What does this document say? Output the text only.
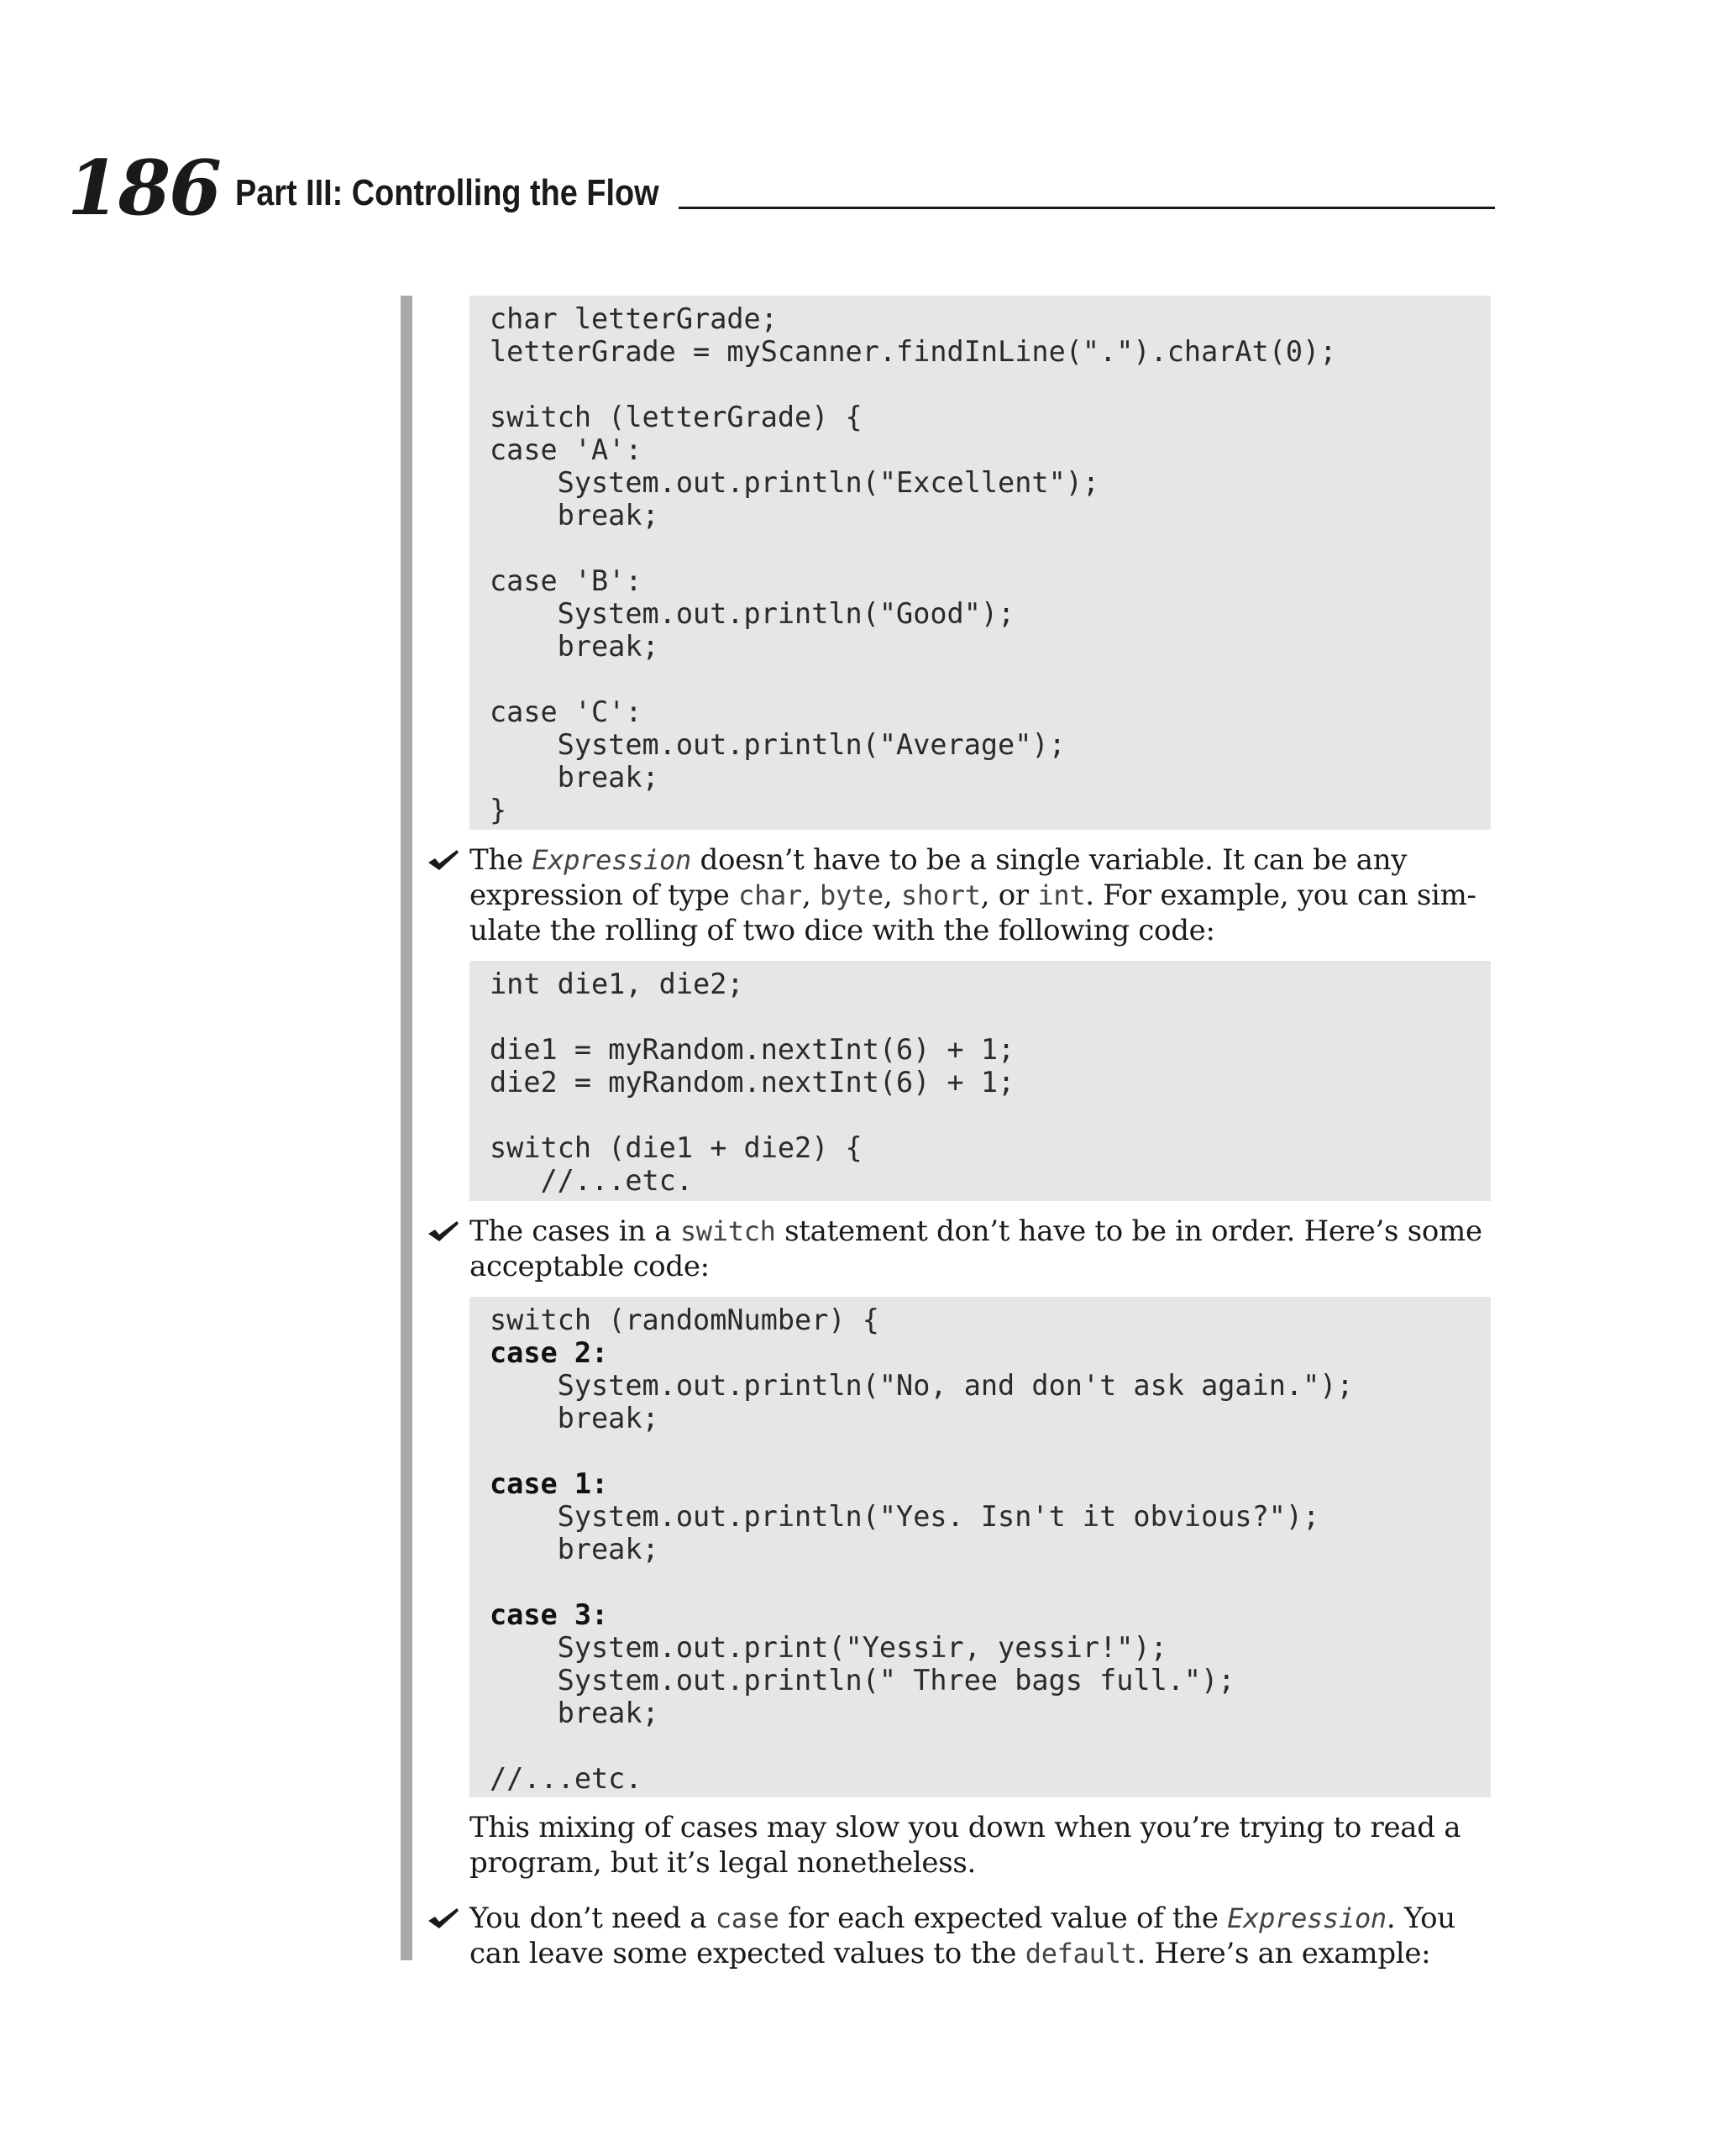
186 Part III: Controlling the Flow
char letterGrade;
letterGrade = myScanner.findInLine(".").charAt(0);

switch (letterGrade) {
case 'A':
System.out.println("Excellent");
break;

case 'B':
System.out.println("Good");
break;

case 'C':
System.out.println("Average");
break;
}

The Expression doesn’t have to be a single variable. It can be any expression of type char, byte, short, or int. For example, you can sim-ulate the rolling of two dice with the following code:

int die1, die2;

die1 = myRandom.nextInt(6) + 1;
die2 = myRandom.nextInt(6) + 1;

switch (die1 + die2) {
//...etc.

The cases in a switch statement don’t have to be in order. Here’s some acceptable code:

switch (randomNumber) {
case 2:
System.out.println("No, and don't ask again.");
break;

case 1:
System.out.println("Yes. Isn't it obvious?");
break;

case 3:
System.out.print("Yessir, yessir!");
System.out.println(" Three bags full.");
break;

//...etc.

This mixing of cases may slow you down when you’re trying to read a program, but it’s legal nonetheless.

You don’t need a case for each expected value of the Expression. You can leave some expected values to the default. Here’s an example:
